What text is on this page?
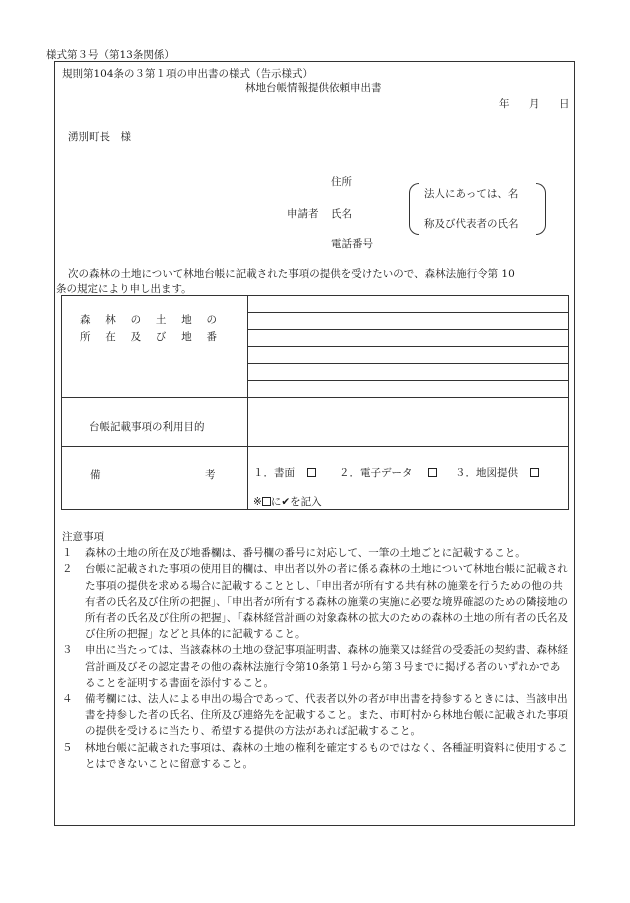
様式第３号（第13条関係）
規則第104条の３第１項の申出書の様式（告示様式）
林地台帳情報提供依頼申出書
年 月 日
湧別町長　様
住所
申請者 氏名
電話番号
法人にあっては、名
称及び代表者の氏名
次の森林の土地について林地台帳に記載された事項の提供を受けたいので、森林法施行令第 10
条の規定により申し出ます。
森 林 の 土 地 の
所 在 及 び 地 番
台帳記載事項の利用目的
備	考	１．書面	２．電子データ	３．地図提供
※ に✔を記入
注意事項
１ 森林の土地の所在及び地番欄は、番号欄の番号に対応して、一筆の土地ごとに記載すること。
２ 台帳に記載された事項の使用目的欄は、申出者以外の者に係る森林の土地について林地台帳に記載された事項の提供を求める場合に記載することとし、「申出者が所有する共有林の施業を行うための他の共有者の氏名及び住所の把握」、「申出者が所有する森林の施業の実施に必要な境界確認のための隣接地の所有者の氏名及び住所の把握」、「森林経営計画の対象森林の拡大のための森林の土地の所有者の氏名及び住所の把握」などと具体的に記載すること。
３ 申出に当たっては、当該森林の土地の登記事項証明書、森林の施業又は経営の受委託の契約書、森林経営計画及びその認定書その他の森林法施行令第10条第１号から第３号までに掲げる者のいずれかであることを証明する書面を添付すること。
４ 備考欄には、法人による申出の場合であって、代表者以外の者が申出書を持参するときには、当該申出書を持参した者の氏名、住所及び連絡先を記載すること。また、市町村から林地台帳に記載された事項の提供を受けるに当たり、希望する提供の方法があれば記載すること。
５ 林地台帳に記載された事項は、森林の土地の権利を確定するものではなく、各種証明資料に使用することはできないことに留意すること。
